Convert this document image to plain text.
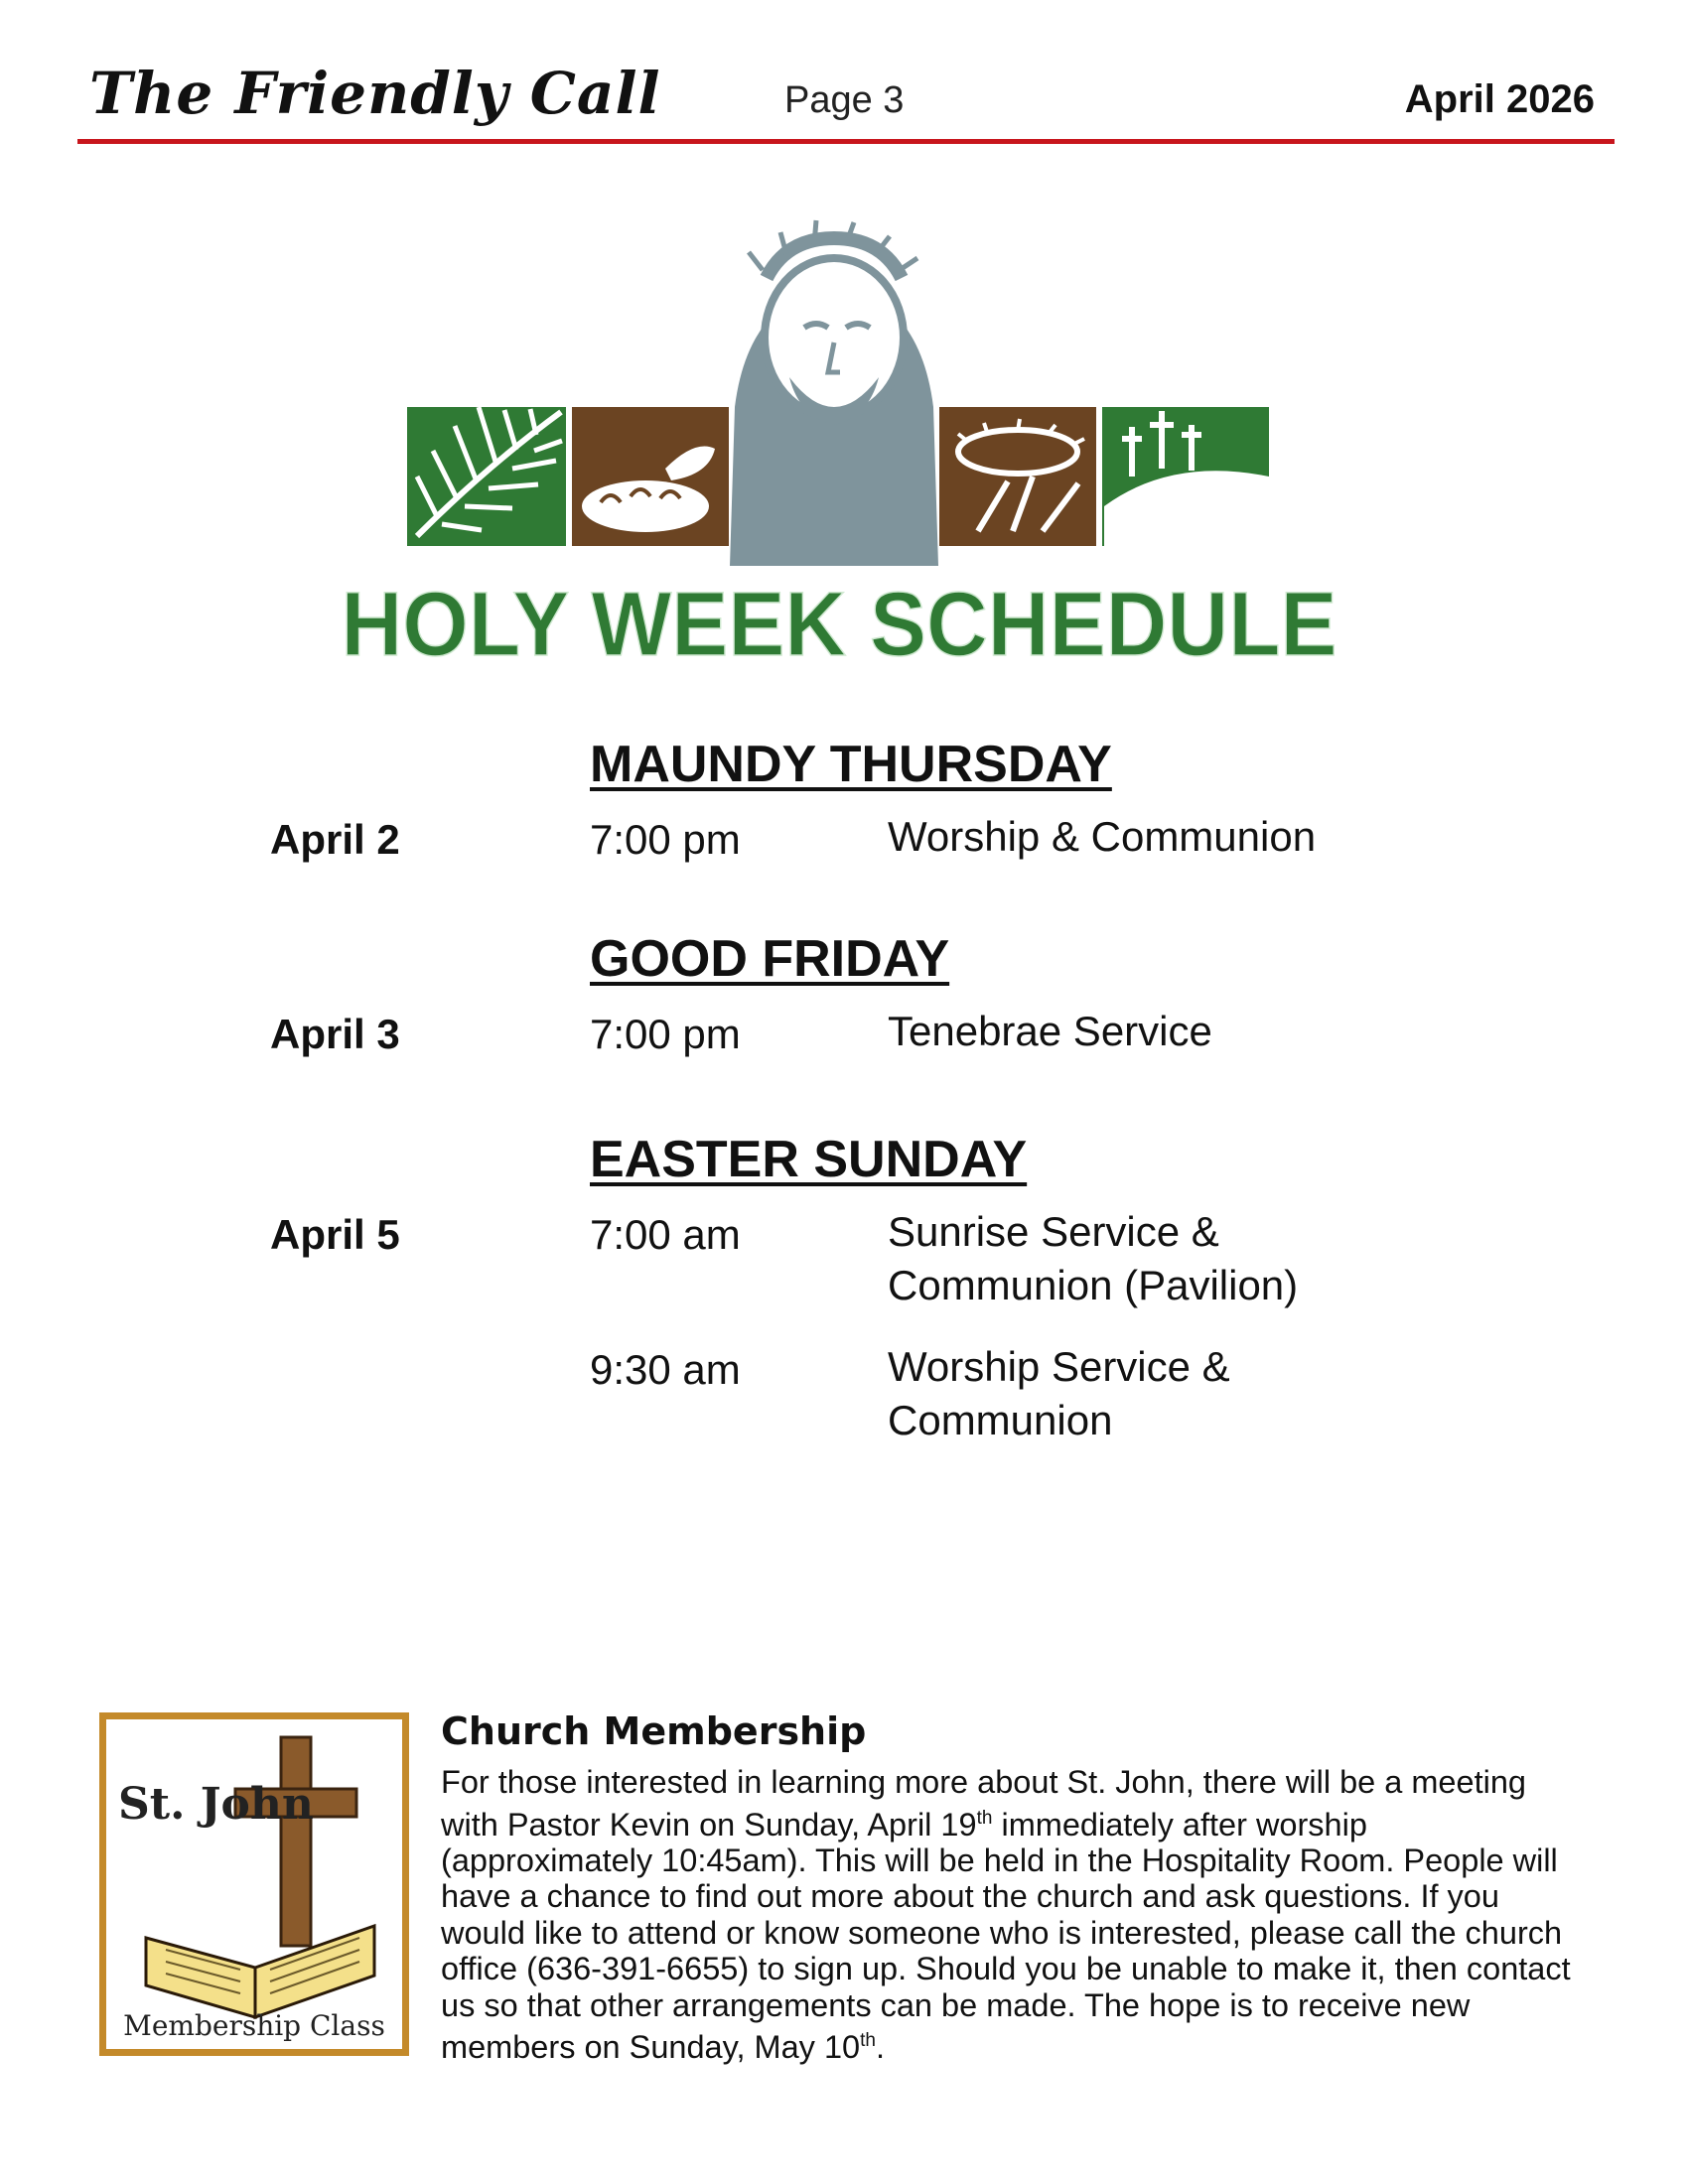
The Friendly Call	Page 3	April 2026
HOLY WEEK SCHEDULE
MAUNDY THURSDAY
April 2	7:00 pm	Worship & Communion
GOOD FRIDAY
April 3	7:00 pm	Tenebrae Service
EASTER SUNDAY
April 5	7:00 am	Sunrise Service &
Communion (Pavilion)
9:30 am	Worship Service &
Communion
St. John
Membership Class
Church Membership
For those interested in learning more about St. John, there will be a meeting with Pastor Kevin on Sunday, April 19th immediately after worship (approximately 10:45am). This will be held in the Hospitality Room. People will have a chance to find out more about the church and ask questions. If you would like to attend or know someone who is interested, please call the church office (636-391-6655) to sign up. Should you be unable to make it, then contact us so that other arrangements can be made. The hope is to receive new members on Sunday, May 10th.
